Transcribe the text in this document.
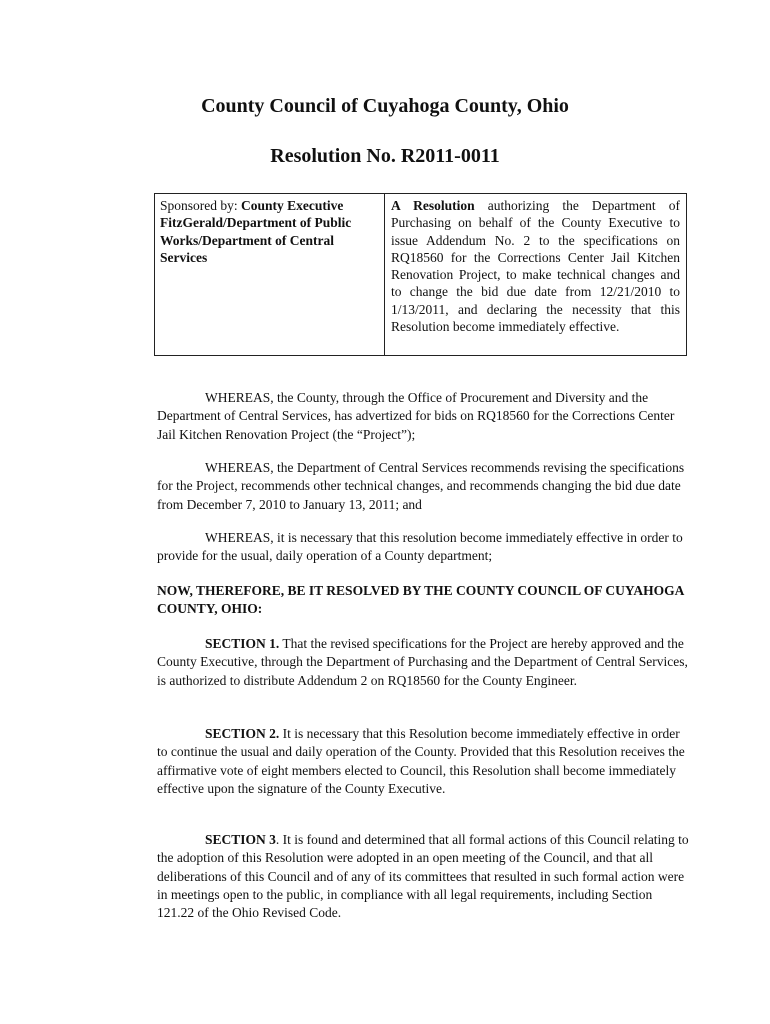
County Council of Cuyahoga County, Ohio
Resolution No. R2011-0011
Sponsored by: County Executive FitzGerald/Department of Public Works/Department of Central Services
A Resolution authorizing the Department of Purchasing on behalf of the County Executive to issue Addendum No. 2 to the specifications on RQ18560 for the Corrections Center Jail Kitchen Renovation Project, to make technical changes and to change the bid due date from 12/21/2010 to 1/13/2011, and declaring the necessity that this Resolution become immediately effective.

WHEREAS, the County, through the Office of Procurement and Diversity and the Department of Central Services, has advertized for bids on RQ18560 for the Corrections Center Jail Kitchen Renovation Project (the “Project”);

WHEREAS, the Department of Central Services recommends revising the specifications for the Project, recommends other technical changes, and recommends changing the bid due date from December 7, 2010 to January 13, 2011; and

WHEREAS, it is necessary that this resolution become immediately effective in order to provide for the usual, daily operation of a County department;

NOW, THEREFORE, BE IT RESOLVED BY THE COUNTY COUNCIL OF CUYAHOGA COUNTY, OHIO:

SECTION 1. That the revised specifications for the Project are hereby approved and the County Executive, through the Department of Purchasing and the Department of Central Services, is authorized to distribute Addendum 2 on RQ18560 for the County Engineer.

SECTION 2. It is necessary that this Resolution become immediately effective in order to continue the usual and daily operation of the County. Provided that this Resolution receives the affirmative vote of eight members elected to Council, this Resolution shall become immediately effective upon the signature of the County Executive.

SECTION 3. It is found and determined that all formal actions of this Council relating to the adoption of this Resolution were adopted in an open meeting of the Council, and that all deliberations of this Council and of any of its committees that resulted in such formal action were in meetings open to the public, in compliance with all legal requirements, including Section 121.22 of the Ohio Revised Code.
